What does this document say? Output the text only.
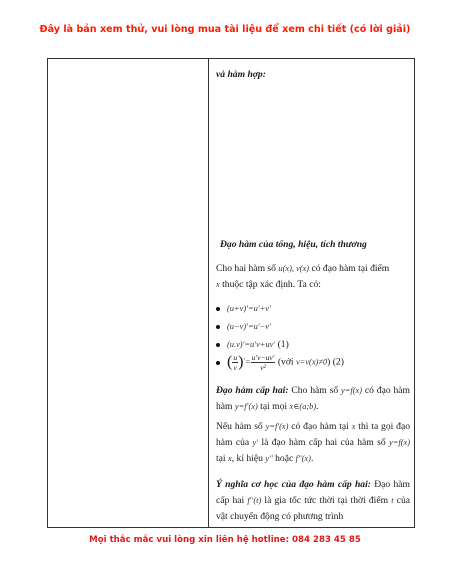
Đây là bản xem thử, vui lòng mua tài liệu để xem chi tiết (có lời giải)
và hàm hợp:
Đạo hàm của tổng, hiệu, tích thương

Cho hai hàm số u(x), v(x) có đạo hàm tại điểm
x thuộc tập xác định. Ta có:

(u+v)′=u′+v′
(u−v)′=u′−v′
(u.v)′=u′v+uv′ (1)
( $\frac{u}{v} )'= \frac{u'v-uv'}{\text{v²}}$ (với v=v(x)≠0) (2)

Đạo hàm cấp hai: Cho hàm số y=f(x) có đạo hàm hàm y=f′(x) tại mọi x∈(a;b).

Nếu hàm số y=f′(x) có đạo hàm tại x thì ta gọi đạo hàm của y′ là đạo hàm cấp hai của hàm số y=f(x) tại x, kí hiệu y′′ hoặc f′′(x).

Ý nghĩa cơ học của đạo hàm cấp hai: Đạo hàm cấp hai f′′(t) là gia tốc tức thời tại thời điểm t của vật chuyển động có phương trình

Mọi thắc mắc vui lòng xin liên hệ hotline: 084 283 45 85
